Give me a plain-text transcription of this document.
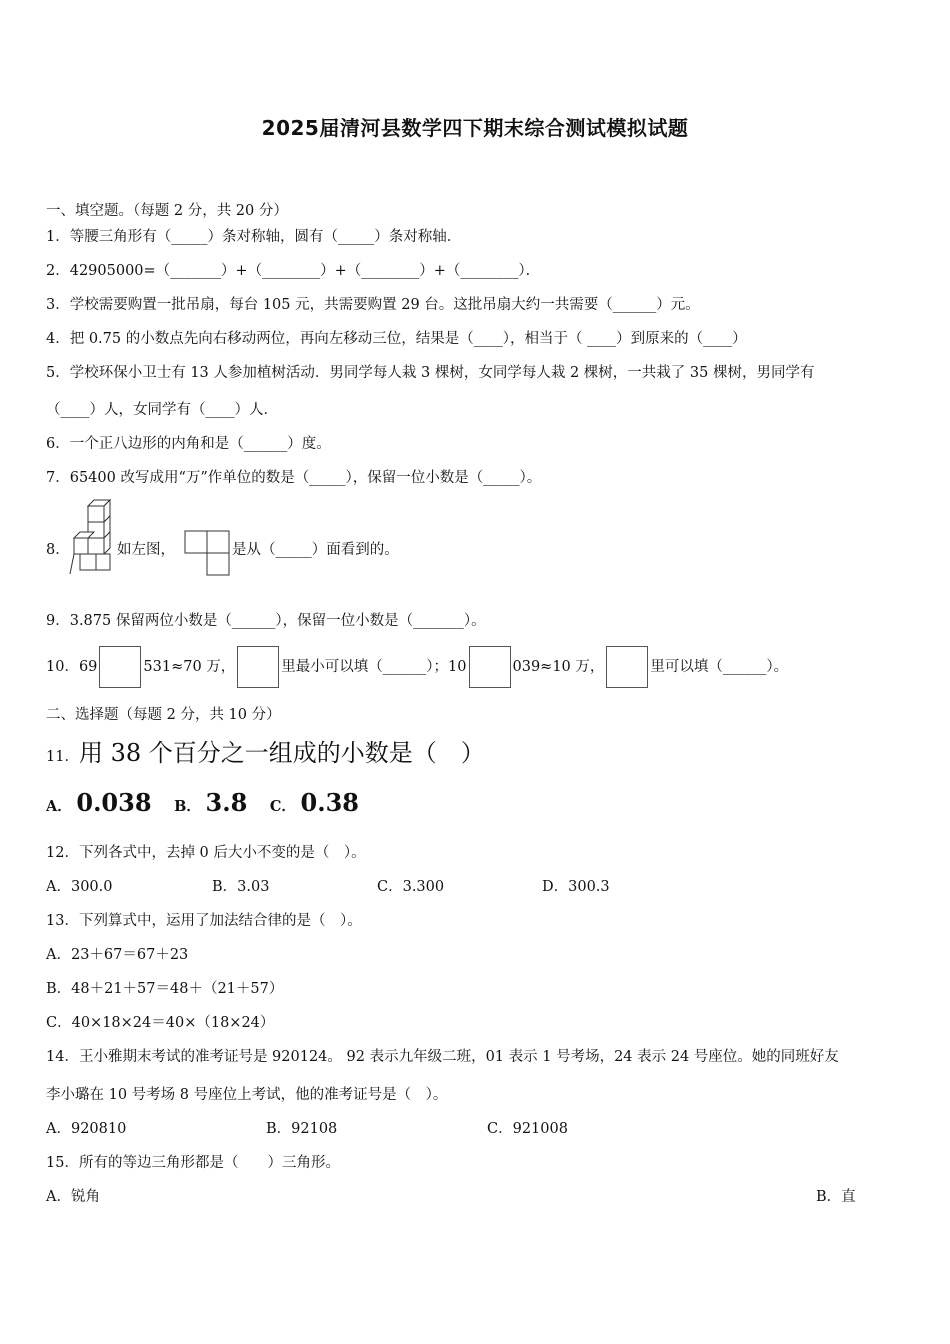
2025届清河县数学四下期末综合测试模拟试题
一、填空题。（每题 2 分，共 20 分）
1．等腰三角形有（_____）条对称轴，圆有（_____）条对称轴．
2．42905000=（_______）+（________）+（________）+（________）．
3．学校需要购置一批吊扇，每台 105 元，共需要购置 29 台。这批吊扇大约一共需要（______）元。
4．把 0.75 的小数点先向右移动两位，再向左移动三位，结果是（____），相当于（ ____）到原来的（____）
5．学校环保小卫士有 13 人参加植树活动．男同学每人栽 3 棵树，女同学每人栽 2 棵树，一共栽了 35 棵树，男同学有
（____）人，女同学有（____）人．
6．一个正八边形的内角和是（______）度。
7．65400 改写成用“万”作单位的数是（_____），保留一位小数是（_____）。
8．	如左图，	是从（_____）面看到的。
9．3.875 保留两位小数是（______），保留一位小数是（_______）。
10．69	531≈70 万，	里最小可以填（______）；10	039≈10 万，	里可以填（______）。
二、选择题（每题 2 分，共 10 分）
11．用 38 个百分之一组成的小数是（　）
A． 0.038 B． 3.8 C． 0.38
12．下列各式中，去掉 0 后大小不变的是（　）。
A．300.0	B．3.03	C．3.300	D．300.3
13．下列算式中，运用了加法结合律的是（　）。
A．23＋67＝67＋23
B．48＋21＋57＝48＋（21＋57）
C．40×18×24＝40×（18×24）
14．王小雅期末考试的准考证号是 920124。 92 表示九年级二班，01 表示 1 号考场，24 表示 24 号座位。她的同班好友
李小璐在 10 号考场 8 号座位上考试，他的准考证号是（　）。
A．920810	B．92108	C．921008
15．所有的等边三角形都是（　　）三角形。
A．锐角	B．直
